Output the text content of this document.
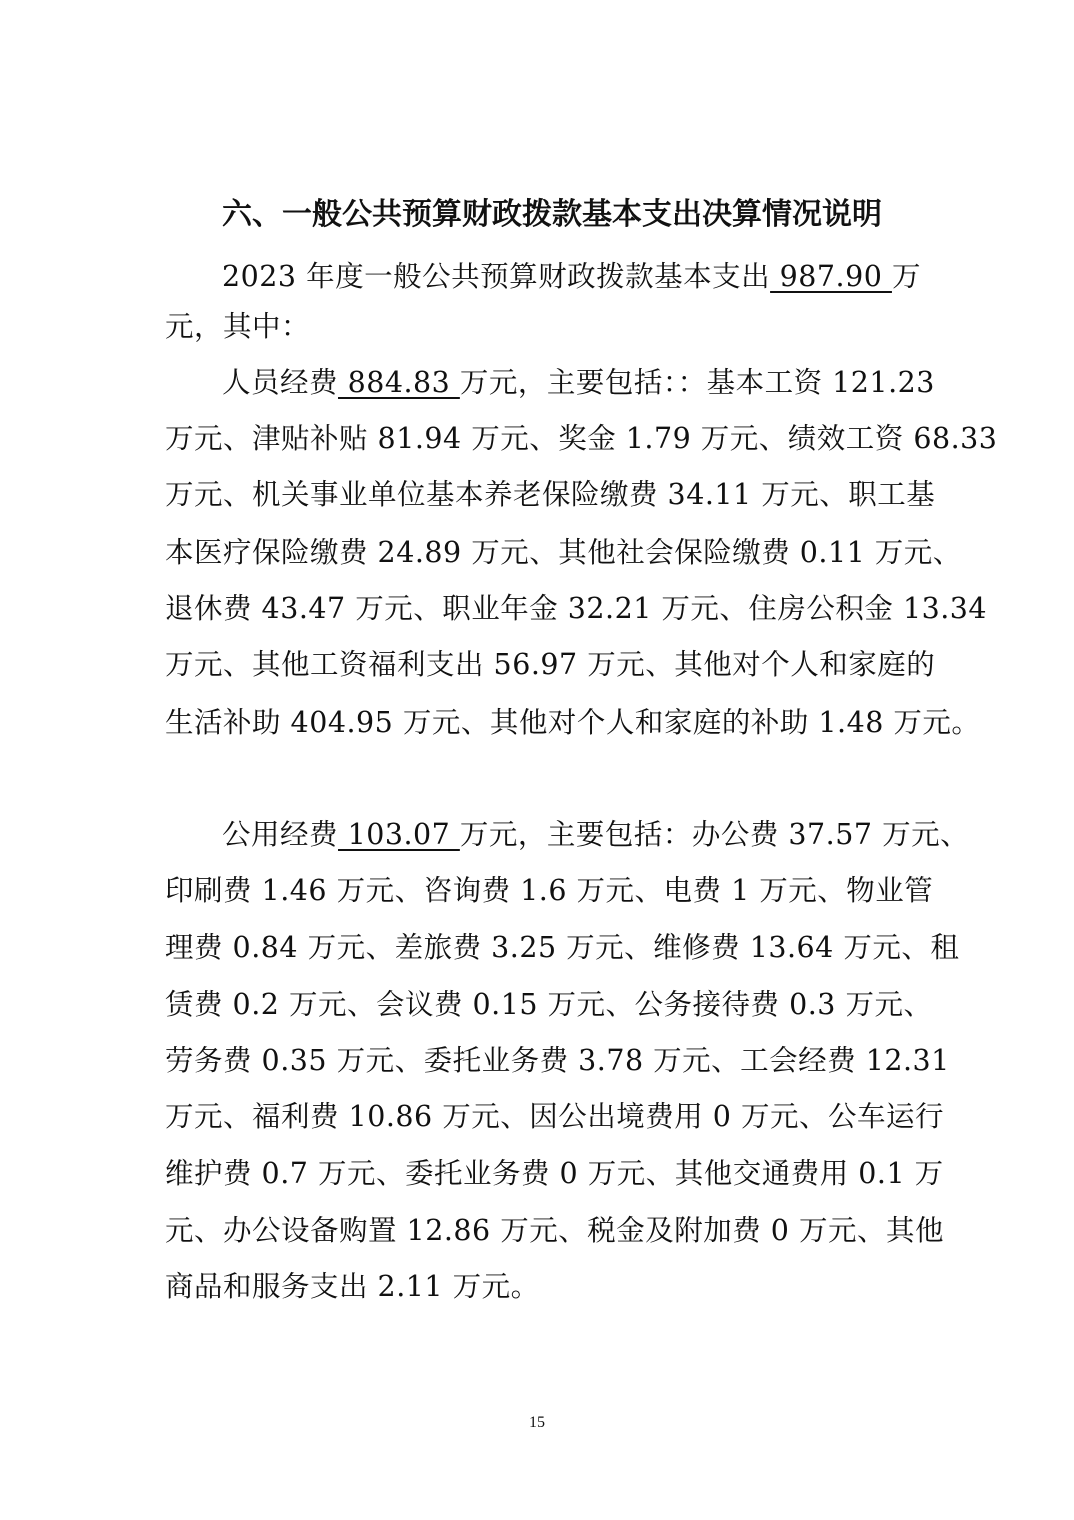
六、一般公共预算财政拨款基本支出决算情况说明
2023 年度一般公共预算财政拨款基本支出 987.90 万
元，其中：
人员经费 884.83 万元，主要包括：：基本工资 121.23
万元、津贴补贴 81.94 万元、奖金 1.79 万元、绩效工资 68.33
万元、机关事业单位基本养老保险缴费 34.11 万元、职工基
本医疗保险缴费 24.89 万元、其他社会保险缴费 0.11 万元、
退休费 43.47 万元、职业年金 32.21 万元、住房公积金 13.34
万元、其他工资福利支出 56.97 万元、其他对个人和家庭的
生活补助 404.95 万元、其他对个人和家庭的补助 1.48 万元。
公用经费 103.07 万元，主要包括：办公费 37.57 万元、
印刷费 1.46 万元、咨询费 1.6 万元、电费 1 万元、物业管
理费 0.84 万元、差旅费 3.25 万元、维修费 13.64 万元、租
赁费 0.2 万元、会议费 0.15 万元、公务接待费 0.3 万元、
劳务费 0.35 万元、委托业务费 3.78 万元、工会经费 12.31
万元、福利费 10.86 万元、因公出境费用 0 万元、公车运行
维护费 0.7 万元、委托业务费 0 万元、其他交通费用 0.1 万
元、办公设备购置 12.86 万元、税金及附加费 0 万元、其他
商品和服务支出 2.11 万元。
15
